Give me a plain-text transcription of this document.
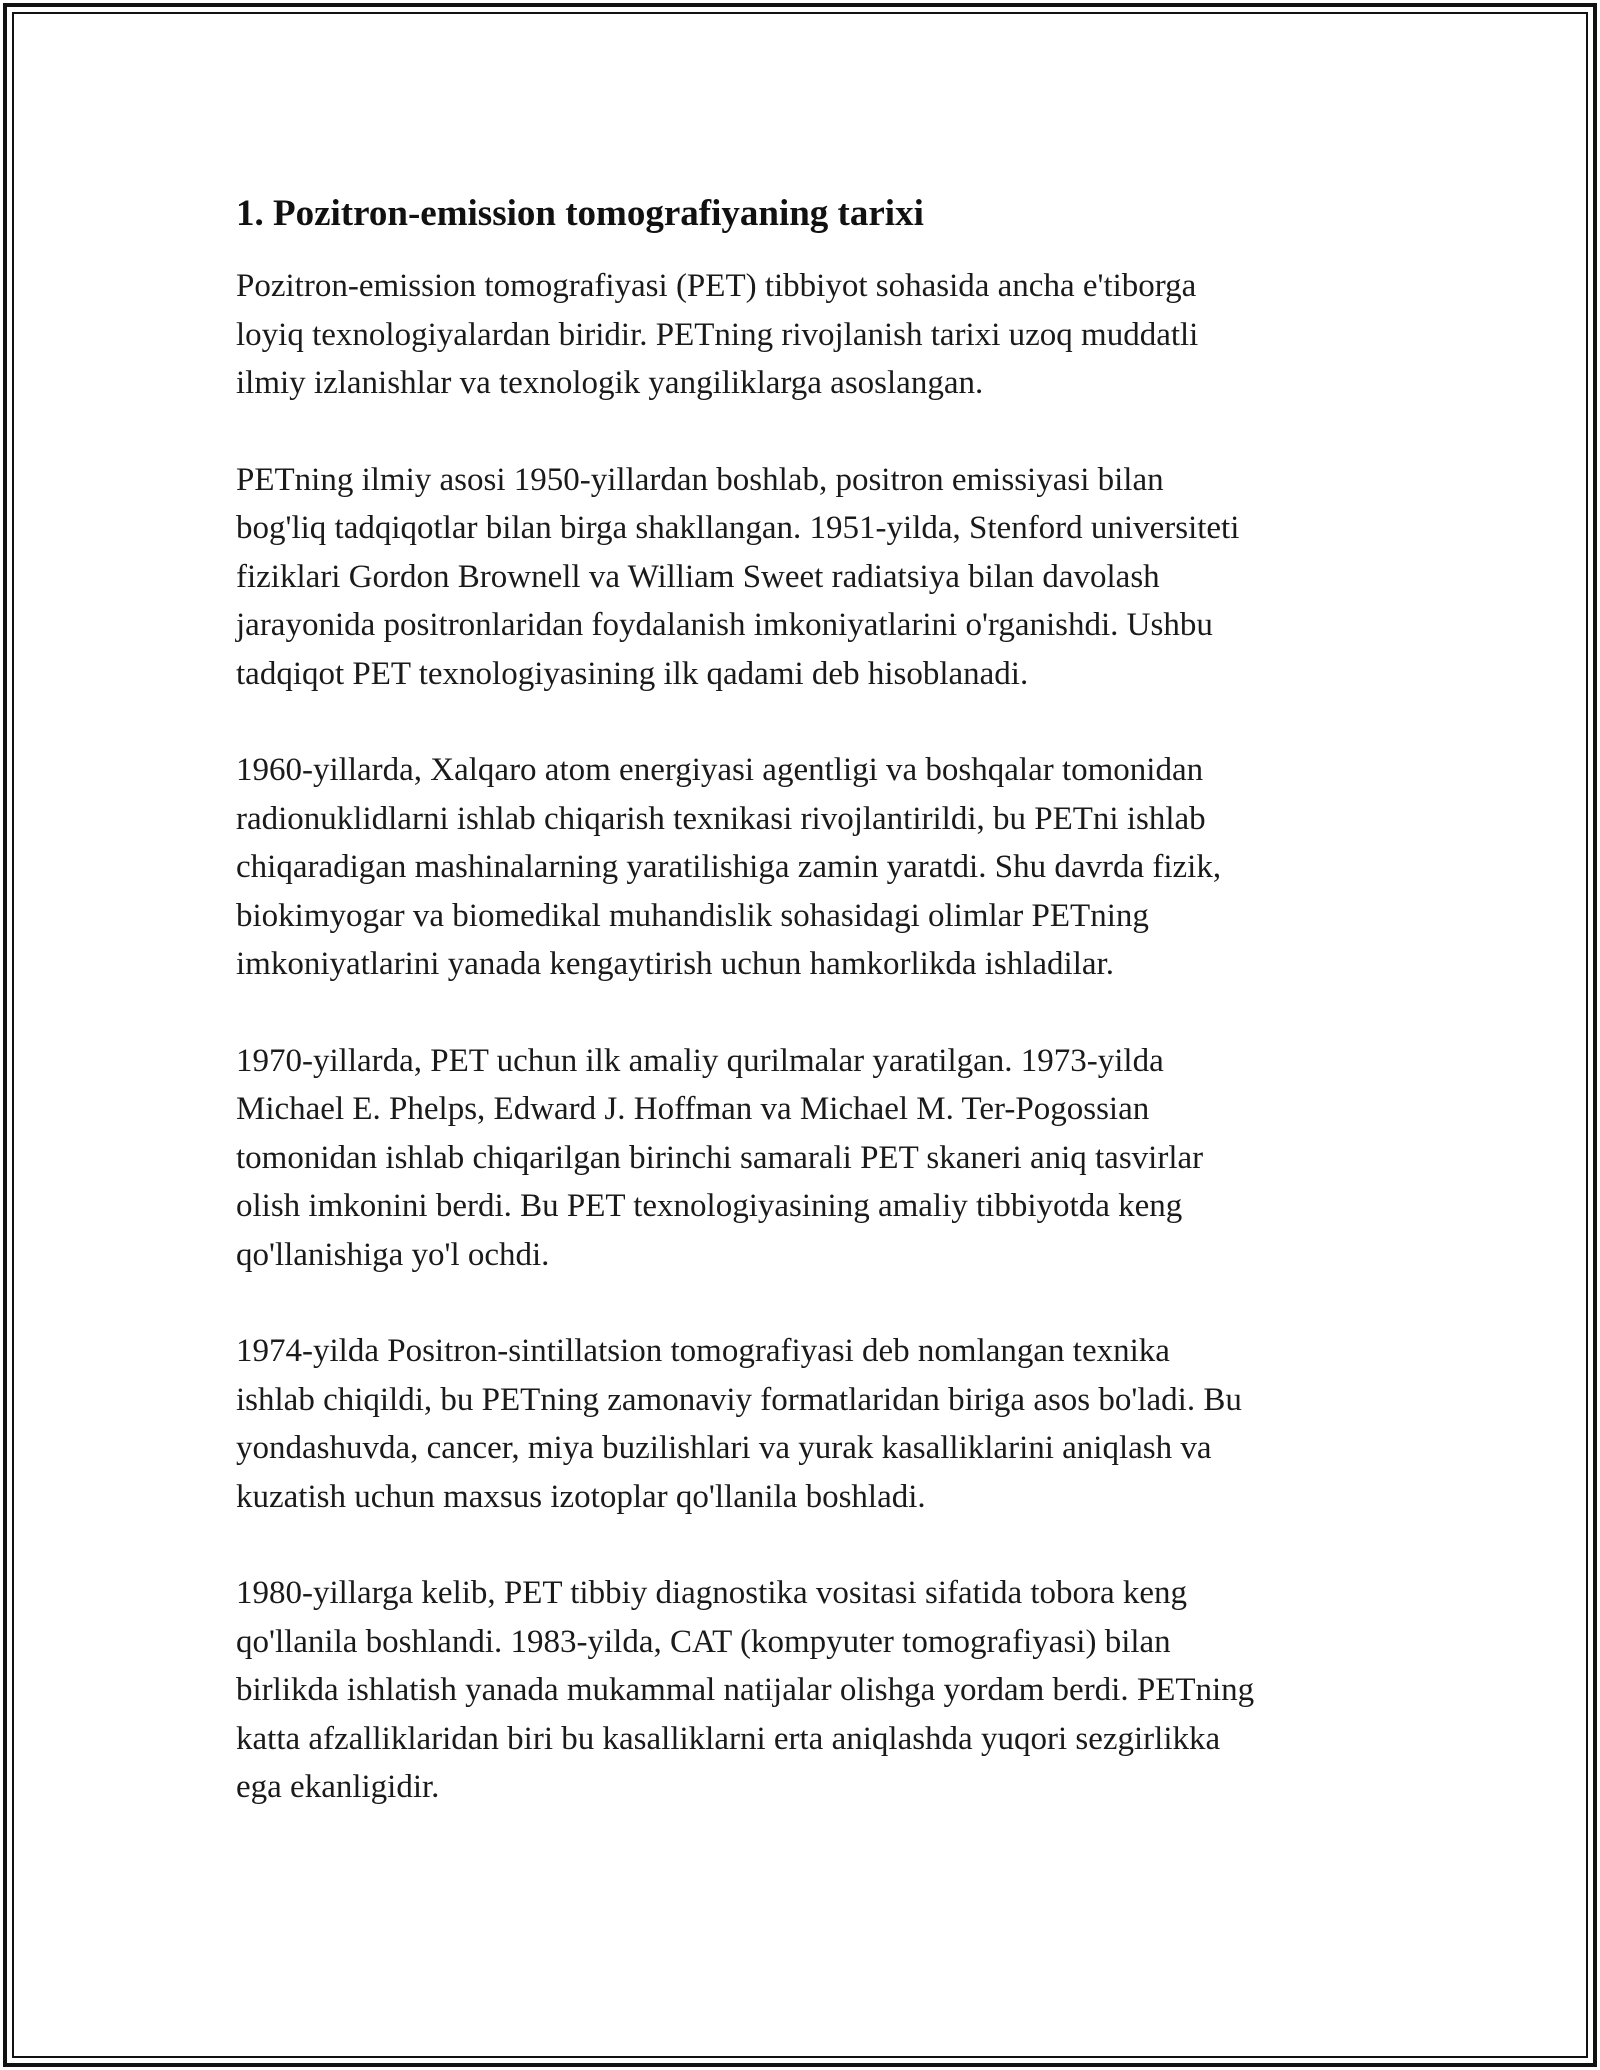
1. Pozitron-emission tomografiyaning tarixi

Pozitron-emission tomografiyasi (PET) tibbiyot sohasida ancha e'tiborga
loyiq texnologiyalardan biridir. PETning rivojlanish tarixi uzoq muddatli
ilmiy izlanishlar va texnologik yangiliklarga asoslangan.

PETning ilmiy asosi 1950-yillardan boshlab, positron emissiyasi bilan
bog'liq tadqiqotlar bilan birga shakllangan. 1951-yilda, Stenford universiteti
fiziklari Gordon Brownell va William Sweet radiatsiya bilan davolash
jarayonida positronlaridan foydalanish imkoniyatlarini o'rganishdi. Ushbu
tadqiqot PET texnologiyasining ilk qadami deb hisoblanadi.

1960-yillarda, Xalqaro atom energiyasi agentligi va boshqalar tomonidan
radionuklidlarni ishlab chiqarish texnikasi rivojlantirildi, bu PETni ishlab
chiqaradigan mashinalarning yaratilishiga zamin yaratdi. Shu davrda fizik,
biokimyogar va biomedikal muhandislik sohasidagi olimlar PETning
imkoniyatlarini yanada kengaytirish uchun hamkorlikda ishladilar.

1970-yillarda, PET uchun ilk amaliy qurilmalar yaratilgan. 1973-yilda
Michael E. Phelps, Edward J. Hoffman va Michael M. Ter-Pogossian
tomonidan ishlab chiqarilgan birinchi samarali PET skaneri aniq tasvirlar
olish imkonini berdi. Bu PET texnologiyasining amaliy tibbiyotda keng
qo'llanishiga yo'l ochdi.

1974-yilda Positron-sintillatsion tomografiyasi deb nomlangan texnika
ishlab chiqildi, bu PETning zamonaviy formatlaridan biriga asos bo'ladi. Bu
yondashuvda, cancer, miya buzilishlari va yurak kasalliklarini aniqlash va
kuzatish uchun maxsus izotoplar qo'llanila boshladi.

1980-yillarga kelib, PET tibbiy diagnostika vositasi sifatida tobora keng
qo'llanila boshlandi. 1983-yilda, CAT (kompyuter tomografiyasi) bilan
birlikda ishlatish yanada mukammal natijalar olishga yordam berdi. PETning
katta afzalliklaridan biri bu kasalliklarni erta aniqlashda yuqori sezgirlikka
ega ekanligidir.
